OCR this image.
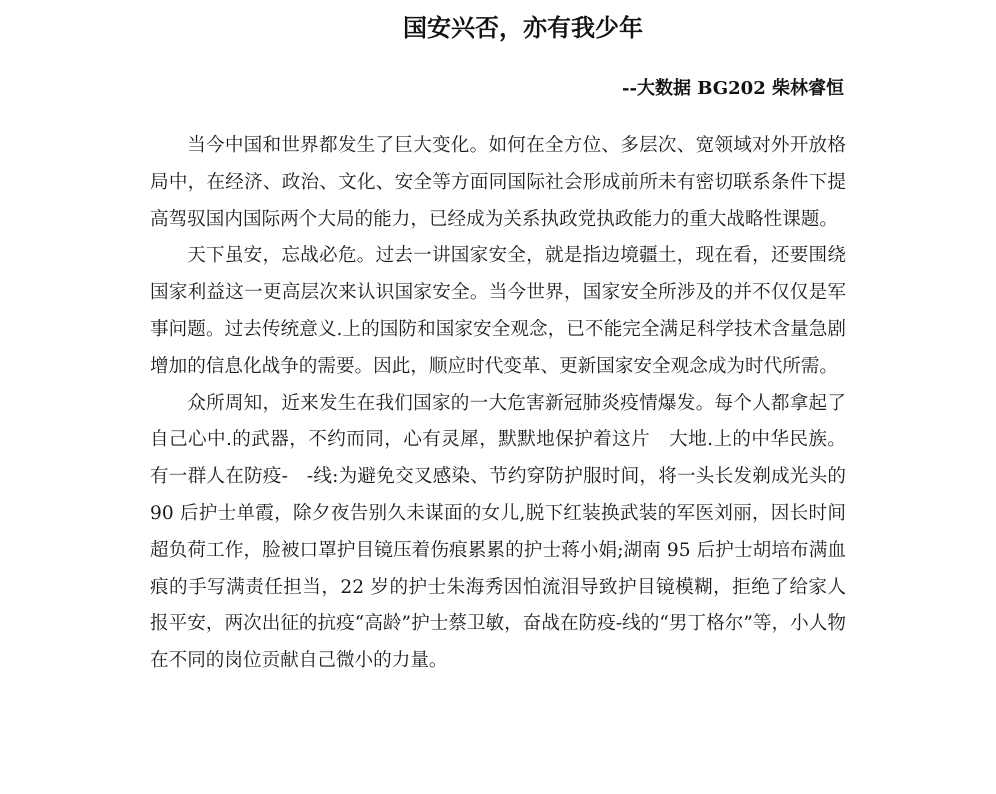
国安兴否，亦有我少年
--大数据 BG202 柴林睿恒

当今中国和世界都发生了巨大变化。如何在全方位、多层次、宽领域对外开放格局中，在经济、政治、文化、安全等方面同国际社会形成前所未有密切联系条件下提高驾驭国内国际两个大局的能力，已经成为关系执政党执政能力的重大战略性课题。

天下虽安，忘战必危。过去一讲国家安全，就是指边境疆土，现在看，还要围绕国家利益这一更高层次来认识国家安全。当今世界，国家安全所涉及的并不仅仅是军事问题。过去传统意义.上的国防和国家安全观念，已不能完全满足科学技术含量急剧增加的信息化战争的需要。因此，顺应时代变革、更新国家安全观念成为时代所需。

众所周知，近来发生在我们国家的一大危害新冠肺炎疫情爆发。每个人都拿起了自己心中.的武器，不约而同，心有灵犀，默默地保护着这片　大地.上的中华民族。有一群人在防疫-　-线:为避免交叉感染、节约穿防护服时间，将一头长发剃成光头的 90 后护士单霞，除夕夜告别久未谋面的女儿,脱下红装换武装的军医刘丽，因长时间超负荷工作，脸被口罩护目镜压着伤痕累累的护士蒋小娟;湖南 95 后护士胡培布满血痕的手写满责任担当，22 岁的护士朱海秀因怕流泪导致护目镜模糊，拒绝了给家人报平安，两次出征的抗疫“高龄”护士蔡卫敏，奋战在防疫-线的“男丁格尔”等，小人物在不同的岗位贡献自己微小的力量。
